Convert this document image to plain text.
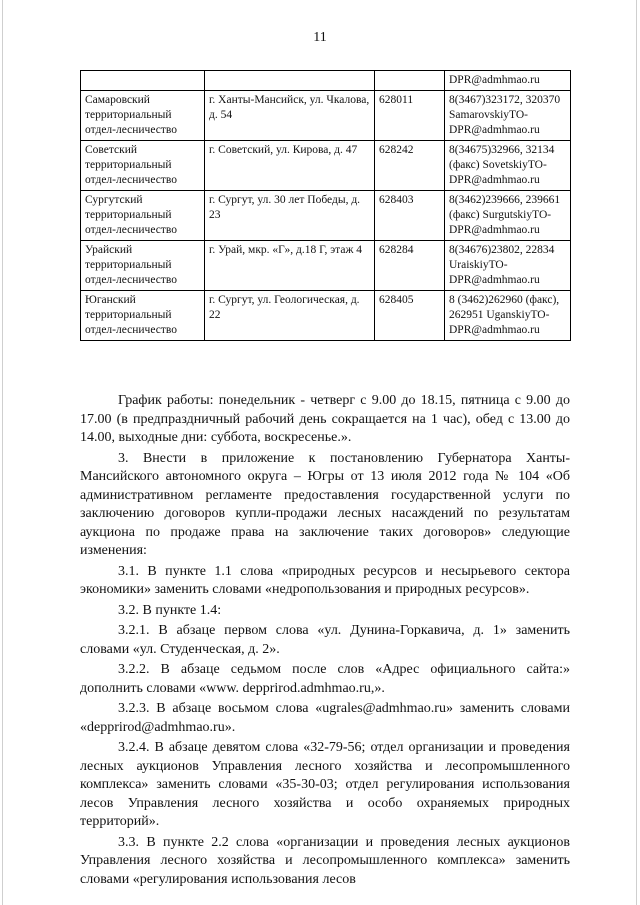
11
			DPR@admhmao.ru
Самаровский территориальный отдел-лесничество	г. Ханты-Мансийск, ул. Чкалова, д. 54	628011	8(3467)323172, 320370 SamarovskiyTO-DPR@admhmao.ru
Советский территориальный отдел-лесничество	г. Советский, ул. Кирова, д. 47	628242	8(34675)32966, 32134 (факс) SovetskiyTO-DPR@admhmao.ru
Сургутский территориальный отдел-лесничество	г. Сургут, ул. 30 лет Победы, д. 23	628403	8(3462)239666, 239661 (факс) SurgutskiyTO-DPR@admhmao.ru
Урайский территориальный отдел-лесничество	г. Урай, мкр. «Г», д.18 Г, этаж 4	628284	8(34676)23802, 22834 UraiskiyTO-DPR@admhmao.ru
Юганский территориальный отдел-лесничество	г. Сургут, ул. Геологическая, д. 22	628405	8 (3462)262960 (факс), 262951 UganskiyTO-DPR@admhmao.ru

График работы: понедельник - четверг с 9.00 до 18.15, пятница с 9.00 до 17.00 (в предпраздничный рабочий день сокращается на 1 час), обед с 13.00 до 14.00, выходные дни: суббота, воскресенье.».

3. Внести в приложение к постановлению Губернатора Ханты-Мансийского автономного округа – Югры от 13 июля 2012 года № 104 «Об административном регламенте предоставления государственной услуги по заключению договоров купли-продажи лесных насаждений по результатам аукциона по продаже права на заключение таких договоров» следующие изменения:

3.1. В пункте 1.1 слова «природных ресурсов и несырьевого сектора экономики» заменить словами «недропользования и природных ресурсов».

3.2. В пункте 1.4:

3.2.1. В абзаце первом слова «ул. Дунина-Горкавича, д. 1» заменить словами «ул. Студенческая, д. 2».

3.2.2. В абзаце седьмом после слов «Адрес официального сайта:» дополнить словами «www. depprirod.admhmao.ru,».

3.2.3. В абзаце восьмом слова «ugrales@admhmao.ru» заменить словами «depprirod@admhmao.ru».

3.2.4. В абзаце девятом слова «32-79-56; отдел организации и проведения лесных аукционов Управления лесного хозяйства и лесопромышленного комплекса» заменить словами «35-30-03; отдел регулирования использования лесов Управления лесного хозяйства и особо охраняемых природных территорий».

3.3. В пункте 2.2 слова «организации и проведения лесных аукционов Управления лесного хозяйства и лесопромышленного комплекса» заменить словами «регулирования использования лесов
